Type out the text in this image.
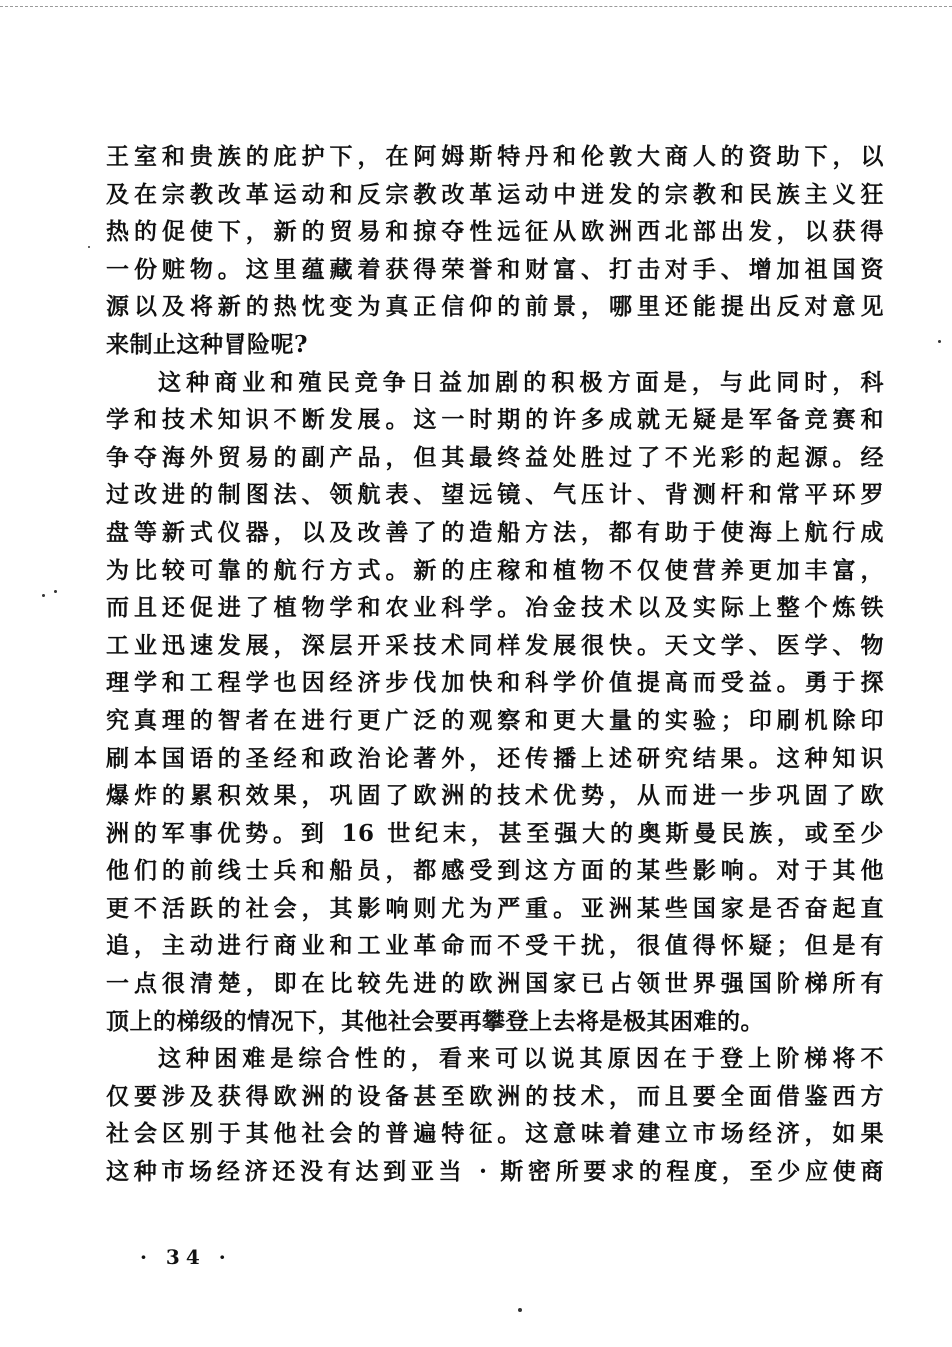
王室和贵族的庇护下，在阿姆斯特丹和伦敦大商人的资助下，以
及在宗教改革运动和反宗教改革运动中迸发的宗教和民族主义狂
热的促使下，新的贸易和掠夺性远征从欧洲西北部出发，以获得
一份赃物。这里蕴藏着获得荣誉和财富、打击对手、增加祖国资
源以及将新的热忱变为真正信仰的前景，哪里还能提出反对意见
来制止这种冒险呢?
这种商业和殖民竞争日益加剧的积极方面是，与此同时，科
学和技术知识不断发展。这一时期的许多成就无疑是军备竞赛和
争夺海外贸易的副产品，但其最终益处胜过了不光彩的起源。经
过改进的制图法、领航表、望远镜、气压计、背测杆和常平环罗
盘等新式仪器，以及改善了的造船方法，都有助于使海上航行成
为比较可靠的航行方式。新的庄稼和植物不仅使营养更加丰富，
而且还促进了植物学和农业科学。冶金技术以及实际上整个炼铁
工业迅速发展，深层开采技术同样发展很快。天文学、医学、物
理学和工程学也因经济步伐加快和科学价值提高而受益。勇于探
究真理的智者在进行更广泛的观察和更大量的实验；印刷机除印
刷本国语的圣经和政治论著外，还传播上述研究结果。这种知识
爆炸的累积效果，巩固了欧洲的技术优势，从而进一步巩固了欧
洲的军事优势。到 16 世纪末，甚至强大的奥斯曼民族，或至少
他们的前线士兵和船员，都感受到这方面的某些影响。对于其他
更不活跃的社会，其影响则尤为严重。亚洲某些国家是否奋起直
追，主动进行商业和工业革命而不受干扰，很值得怀疑；但是有
一点很清楚，即在比较先进的欧洲国家已占领世界强国阶梯所有
顶上的梯级的情况下，其他社会要再攀登上去将是极其困难的。
这种困难是综合性的，看来可以说其原因在于登上阶梯将不
仅要涉及获得欧洲的设备甚至欧洲的技术，而且要全面借鉴西方
社会区别于其他社会的普遍特征。这意味着建立市场经济，如果
这种市场经济还没有达到亚当 · 斯密所要求的程度，至少应使商
· 34 ·
